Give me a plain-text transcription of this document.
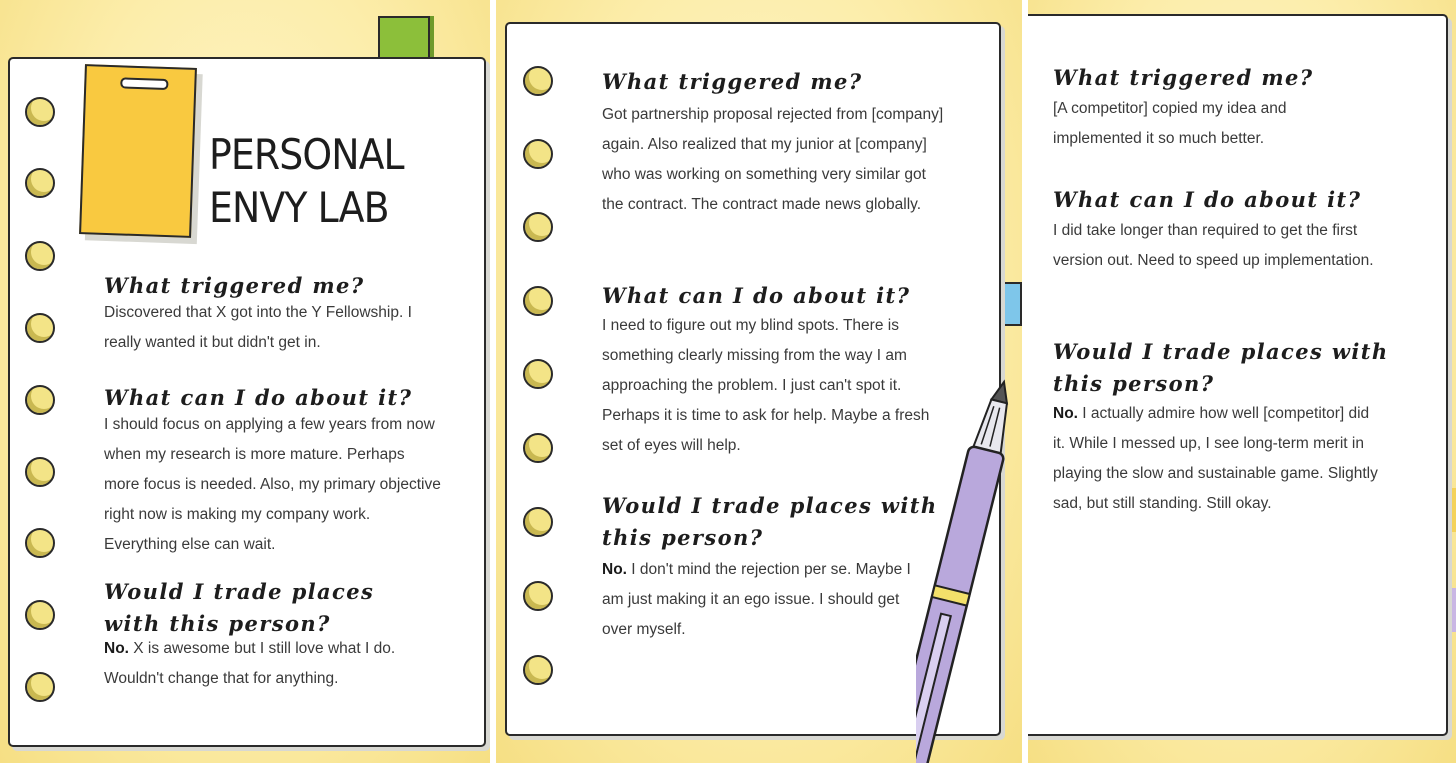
PERSONAL
ENVY LAB
What triggered me?
Discovered that X got into the Y Fellowship. I really wanted it but didn't get in.
What can I do about it?
I should focus on applying a few years from now when my research is more mature. Perhaps more focus is needed. Also, my primary objective right now is making my company work. Everything else can wait.
Would I trade places with this person?
No. X is awesome but I still love what I do. Wouldn't change that for anything.
What triggered me?
Got partnership proposal rejected from [company] again. Also realized that my junior at [company] who was working on something very similar got the contract. The contract made news globally.
What can I do about it?
I need to figure out my blind spots. There is something clearly missing from the way I am approaching the problem. I just can't spot it. Perhaps it is time to ask for help. Maybe a fresh set of eyes will help.
Would I trade places with this person?
No. I don't mind the rejection per se. Maybe I am just making it an ego issue. I should get over myself.
What triggered me?
[A competitor] copied my idea and implemented it so much better.
What can I do about it?
I did take longer than required to get the first version out. Need to speed up implementation.
Would I trade places with this person?
No. I actually admire how well [competitor] did it. While I messed up, I see long-term merit in playing the slow and sustainable game. Slightly sad, but still standing. Still okay.
